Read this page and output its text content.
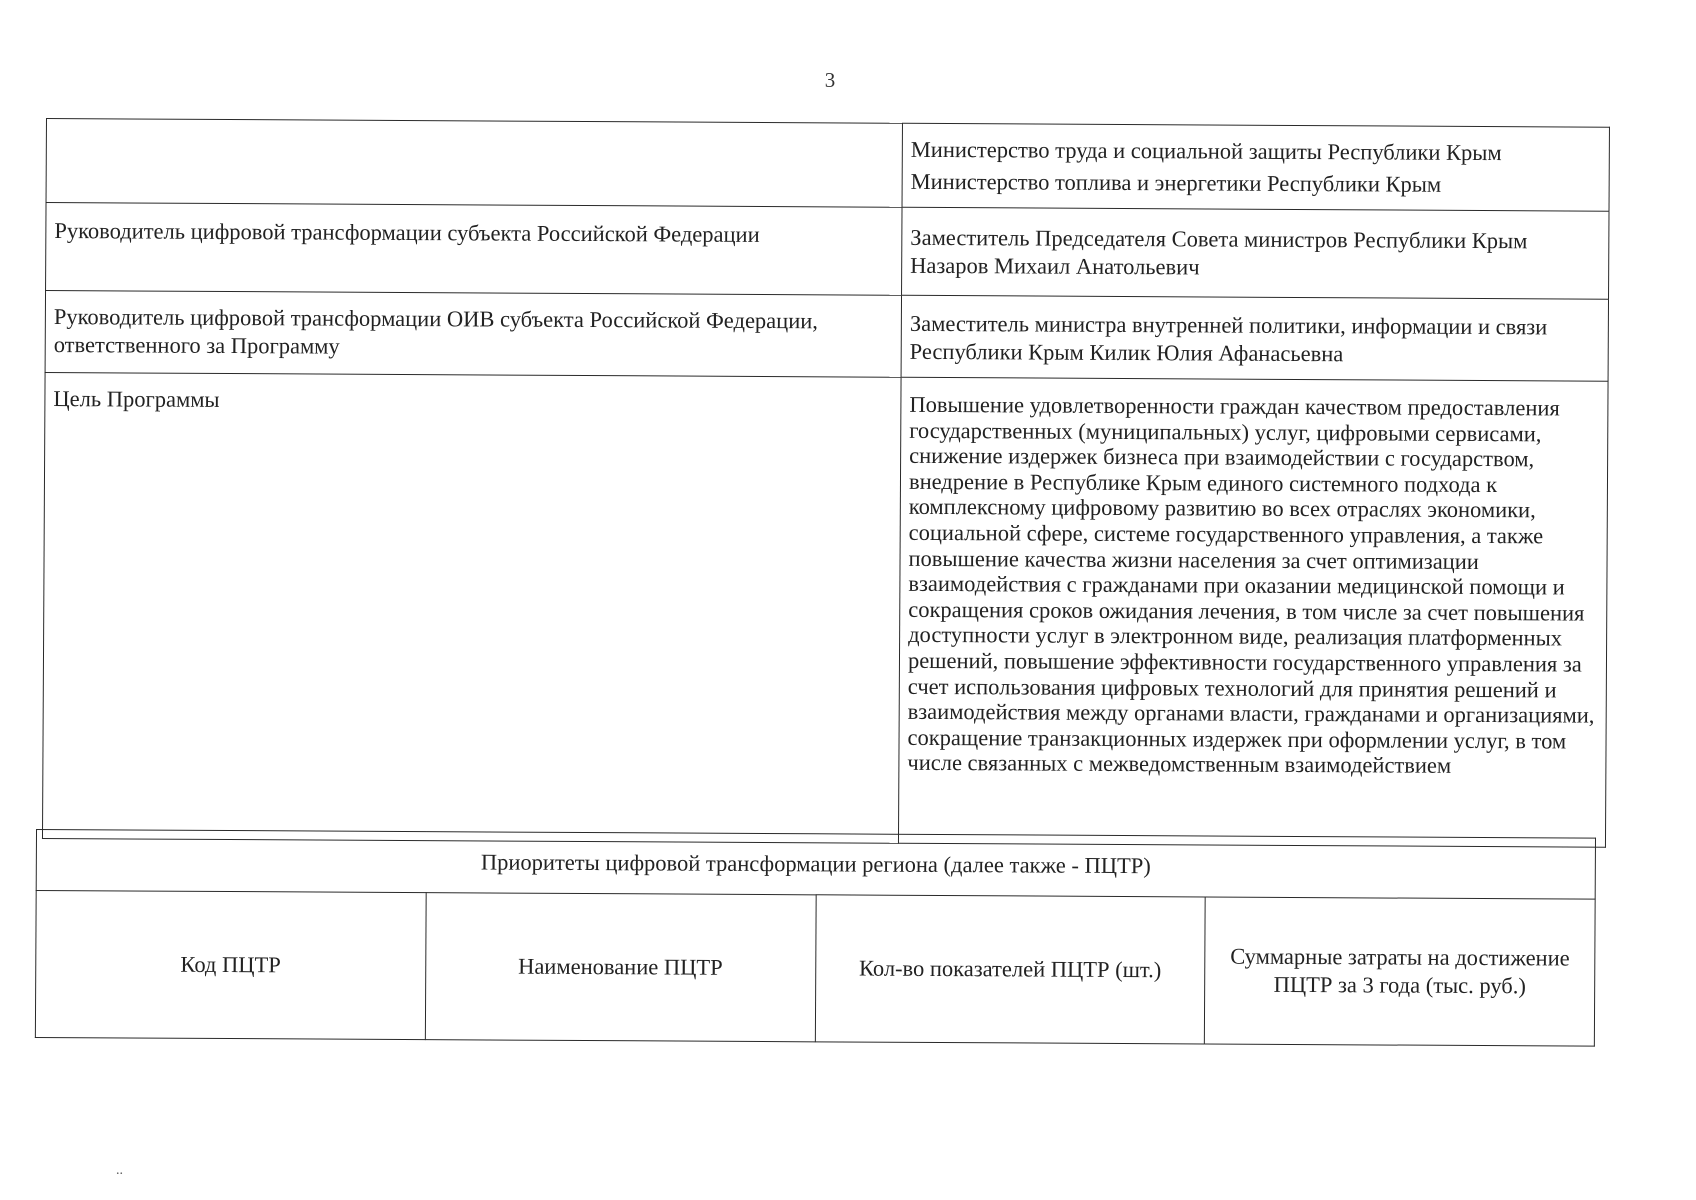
3

	Министерство труда и социальной защиты Республики Крым
Министерство топлива и энергетики Республики Крым

Руководитель цифровой трансформации субъекта Российской Федерации	Заместитель Председателя Совета министров Республики Крым
Назаров Михаил Анатольевич

Руководитель цифровой трансформации ОИВ субъекта Российской Федерации, ответственного за Программу	Заместитель министра внутренней политики, информации и связи Республики Крым Килик Юлия Афанасьевна
Цель Программы	Повышение удовлетворенности граждан качеством предоставления государственных (муниципальных) услуг, цифровыми сервисами, снижение издержек бизнеса при взаимодействии с государством, внедрение в Республике Крым единого системного подхода к комплексному цифровому развитию во всех отраслях экономики, социальной сфере, системе государственного управления, а также повышение качества жизни населения за счет оптимизации взаимодействия с гражданами при оказании медицинской помощи и сокращения сроков ожидания лечения, в том числе за счет повышения доступности услуг в электронном виде, реализация платформенных решений, повышение эффективности государственного управления за счет использования цифровых технологий для принятия решений и взаимодействия между органами власти, гражданами и организациями, сокращение транзакционных издержек при оформлении услуг, в том числе связанных с межведомственным взаимодействием
Приоритеты цифровой трансформации региона (далее также - ПЦТР)
Код ПЦТР	Наименование ПЦТР	Кол-во показателей ПЦТР (шт.)	Суммарные затраты на достижение ПЦТР за 3 года (тыс. руб.)
..
